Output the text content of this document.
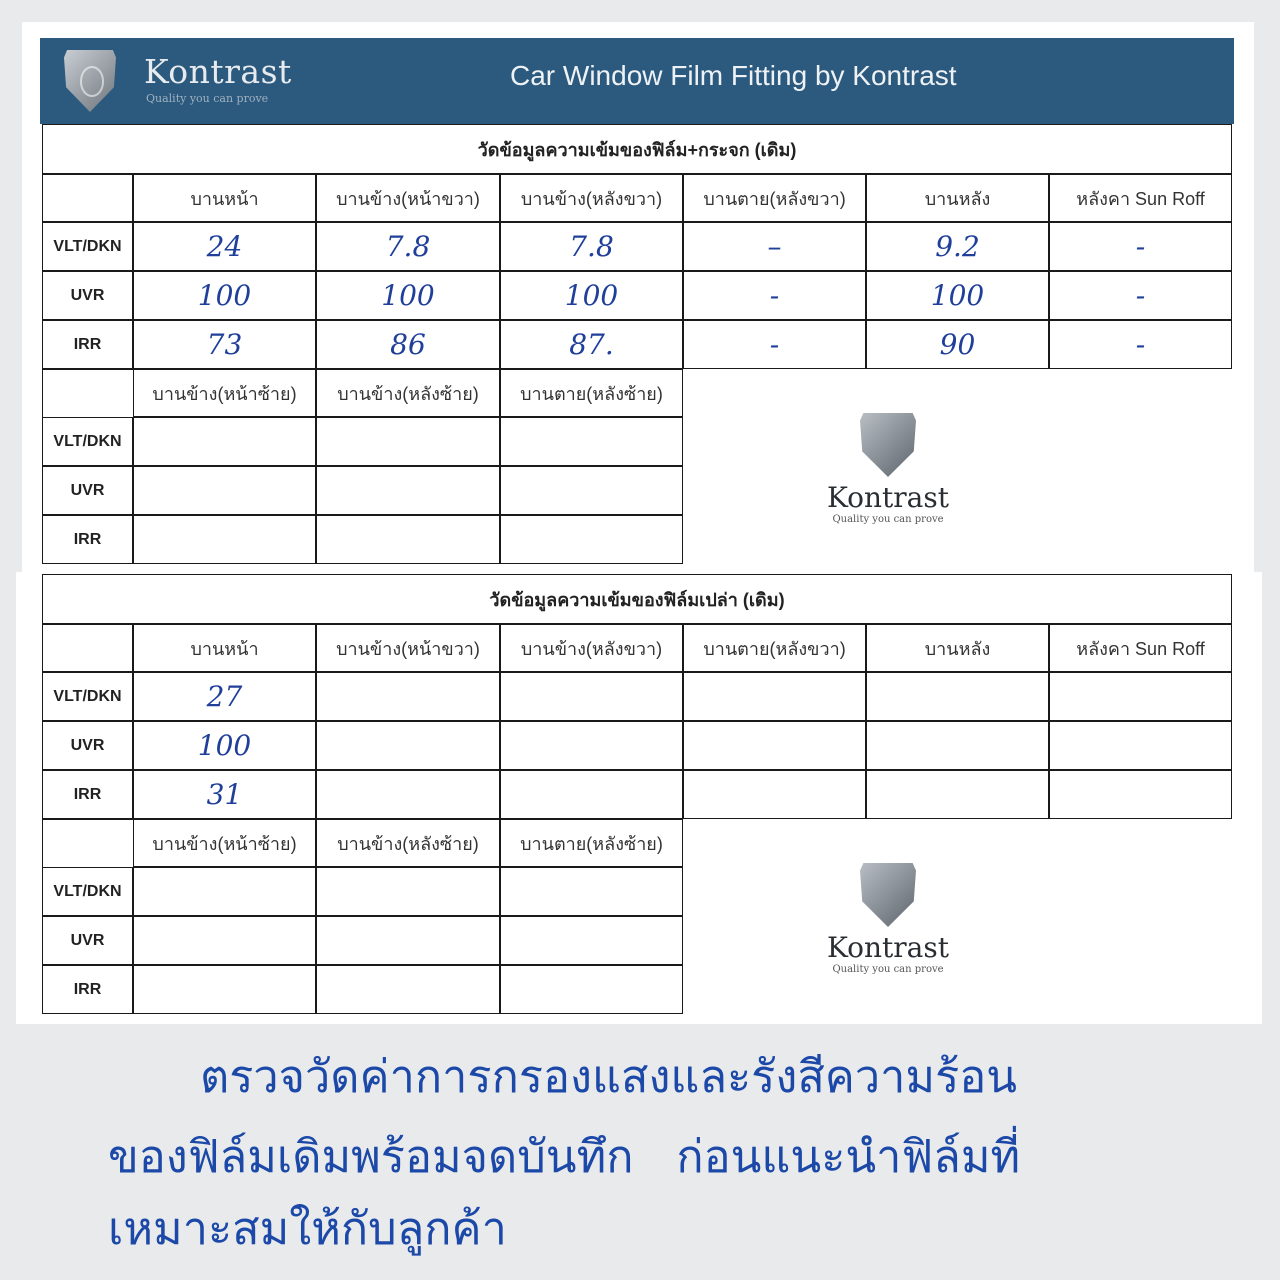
Kontrast
Quality you can prove
Car Window Film Fitting by Kontrast
วัดข้อมูลความเข้มของฟิล์ม+กระจก (เดิม)
บานหน้า	บานข้าง(หน้าขวา)	บานข้าง(หลังขวา)	บานตาย(หลังขวา)	บานหลัง	หลังคา Sun Roff
VLT/DKN	24	7.8	7.8	–	9.2	-
UVR	100	100	100	-	100	-
IRR	73	86	87.	-	90	-
บานข้าง(หน้าซ้าย)	บานข้าง(หลังซ้าย)	บานตาย(หลังซ้าย)
VLT/DKN
UVR
IRR
Kontrast
Quality you can prove
วัดข้อมูลความเข้มของฟิล์มเปล่า (เดิม)
บานหน้า	บานข้าง(หน้าขวา)	บานข้าง(หลังขวา)	บานตาย(หลังขวา)	บานหลัง	หลังคา Sun Roff
VLT/DKN	27
UVR	100
IRR	31
บานข้าง(หน้าซ้าย)	บานข้าง(หลังซ้าย)	บานตาย(หลังซ้าย)
VLT/DKN
UVR
IRR
Kontrast
Quality you can prove
ตรวจวัดค่าการกรองแสงและรังสีความร้อน
ของฟิล์มเดิมพร้อมจดบันทึก   ก่อนแนะนำฟิล์มที่
เหมาะสมให้กับลูกค้า
